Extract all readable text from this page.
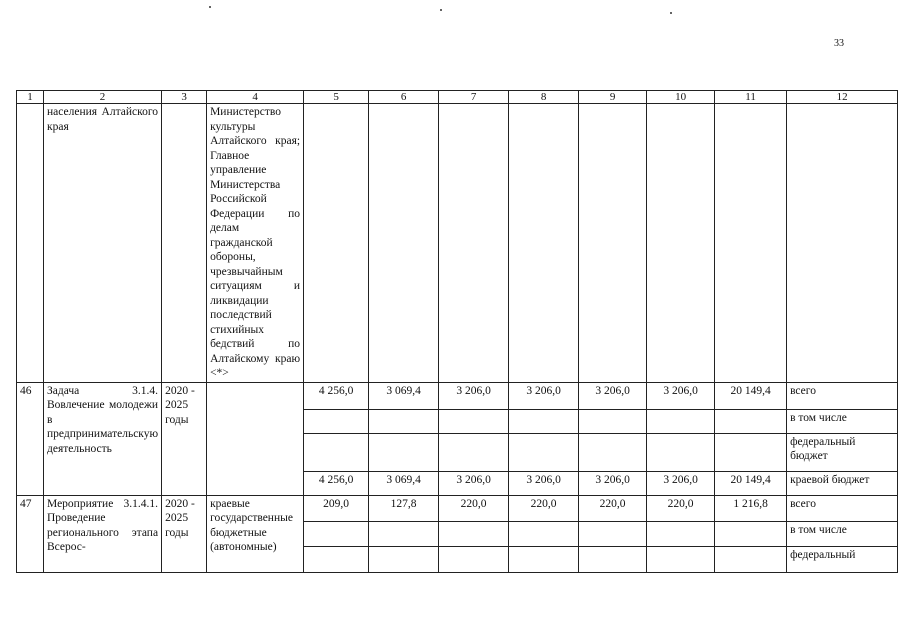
33
1	2	3	4	5	6	7	8	9	10	11	12
	населения Алтайского края		Министерство культуры Алтайского края; Главное управление Министерства Российской Федерации по делам гражданской обороны, чрезвычайным ситуациям и ликвидации последствий стихийных бедствий по Алтайскому краю <*>								
46	Задача 3.1.4. Вовлечение молодежи в предпринимательскую деятельность	2020 - 2025 годы		4 256,0	3 069,4	3 206,0	3 206,0	3 206,0	3 206,0	20 149,4	всего
											в том числе
											федеральный бюджет
				4 256,0	3 069,4	3 206,0	3 206,0	3 206,0	3 206,0	20 149,4	краевой бюджет
47	Мероприятие 3.1.4.1. Проведение регионального этапа Всерос-	2020 - 2025 годы	краевые государственные бюджетные (автономные)	209,0	127,8	220,0	220,0	220,0	220,0	1 216,8	всего
											в том числе
											федеральный
